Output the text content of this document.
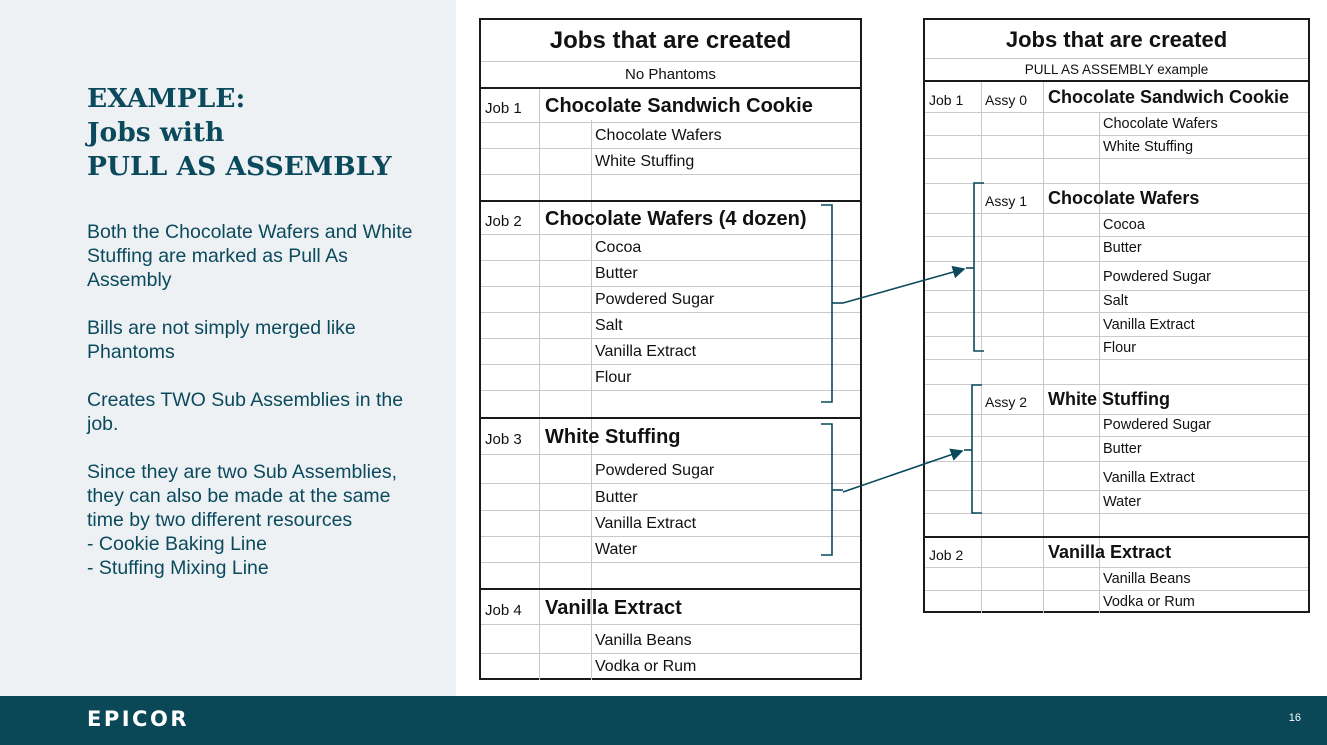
EXAMPLE:
Jobs with
PULL AS ASSEMBLY

Both the Chocolate Wafers and White Stuffing are marked as Pull As Assembly

Bills are not simply merged like Phantoms

Creates TWO Sub Assemblies in the job.

Since they are two Sub Assemblies, they can also be made at the same time by two different resources
- Cookie Baking Line
- Stuffing Mixing Line
Jobs that are created
No Phantoms
Job 1 Chocolate Sandwich Cookie
Chocolate Wafers
White Stuffing
Job 2 Chocolate Wafers (4 dozen)
Cocoa
Butter
Powdered Sugar
Salt
Vanilla Extract
Flour
Job 3 White Stuffing
Powdered Sugar
Butter
Vanilla Extract
Water
Job 4 Vanilla Extract
Vanilla Beans
Vodka or Rum
Jobs that are created
PULL AS ASSEMBLY example
Job 1 Assy 0 Chocolate Sandwich Cookie
Chocolate Wafers
White Stuffing
Assy 1 Chocolate Wafers
Cocoa
Butter
Powdered Sugar
Salt
Vanilla Extract
Flour
Assy 2 White Stuffing
Powdered Sugar
Butter
Vanilla Extract
Water
Job 2	Vanilla Extract
Vanilla Beans
Vodka or Rum
EPICOR	16
